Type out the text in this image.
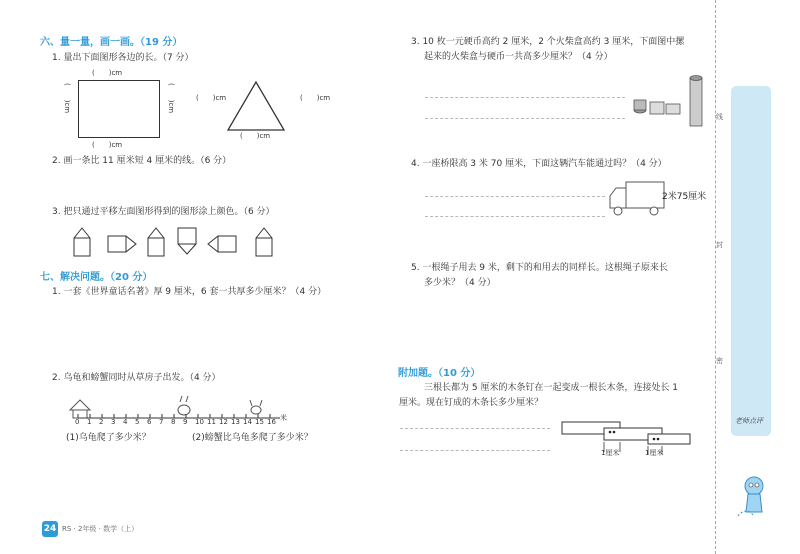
六、量一量，画一画。（19 分）
1. 量出下面图形各边的长。（7 分）
(　　)cm
(　　)cm
(　　)cm	(　　)cm	(　　)cm	(　　)cm
(　　)cm
2. 画一条比 11 厘米短 4 厘米的线。（6 分）
3. 把只通过平移左面图形得到的图形涂上颜色。（6 分）
七、解决问题。（20 分）
1. 一套《世界童话名著》厚 9 厘米，6 套一共厚多少厘米？（4 分）
2. 乌龟和螃蟹同时从草房子出发。（4 分）
0 1 2 3 4 5 6 7 8 9 10 11 12 13 14 15 16 米
(1)乌龟爬了多少米？	(2)螃蟹比乌龟多爬了多少米？
24 RS · 2年级 · 数学（上）
3. 10 枚一元硬币高约 2 厘米，2 个火柴盒高约 3 厘米，下面图中摞
起来的火柴盒与硬币一共高多少厘米？（4 分）
4. 一座桥限高 3 米 70 厘米，下面这辆汽车能通过吗？（4 分）
2米75厘米
5. 一根绳子用去 9 米，剩下的和用去的同样长。这根绳子原来长
多少米？（4 分）
附加题。（10 分）
三根长都为 5 厘米的木条钉在一起变成一根长木条，连接处长 1
厘米。现在钉成的木条长多少厘米？
1厘米	1厘米
线
封
密
老师点评
